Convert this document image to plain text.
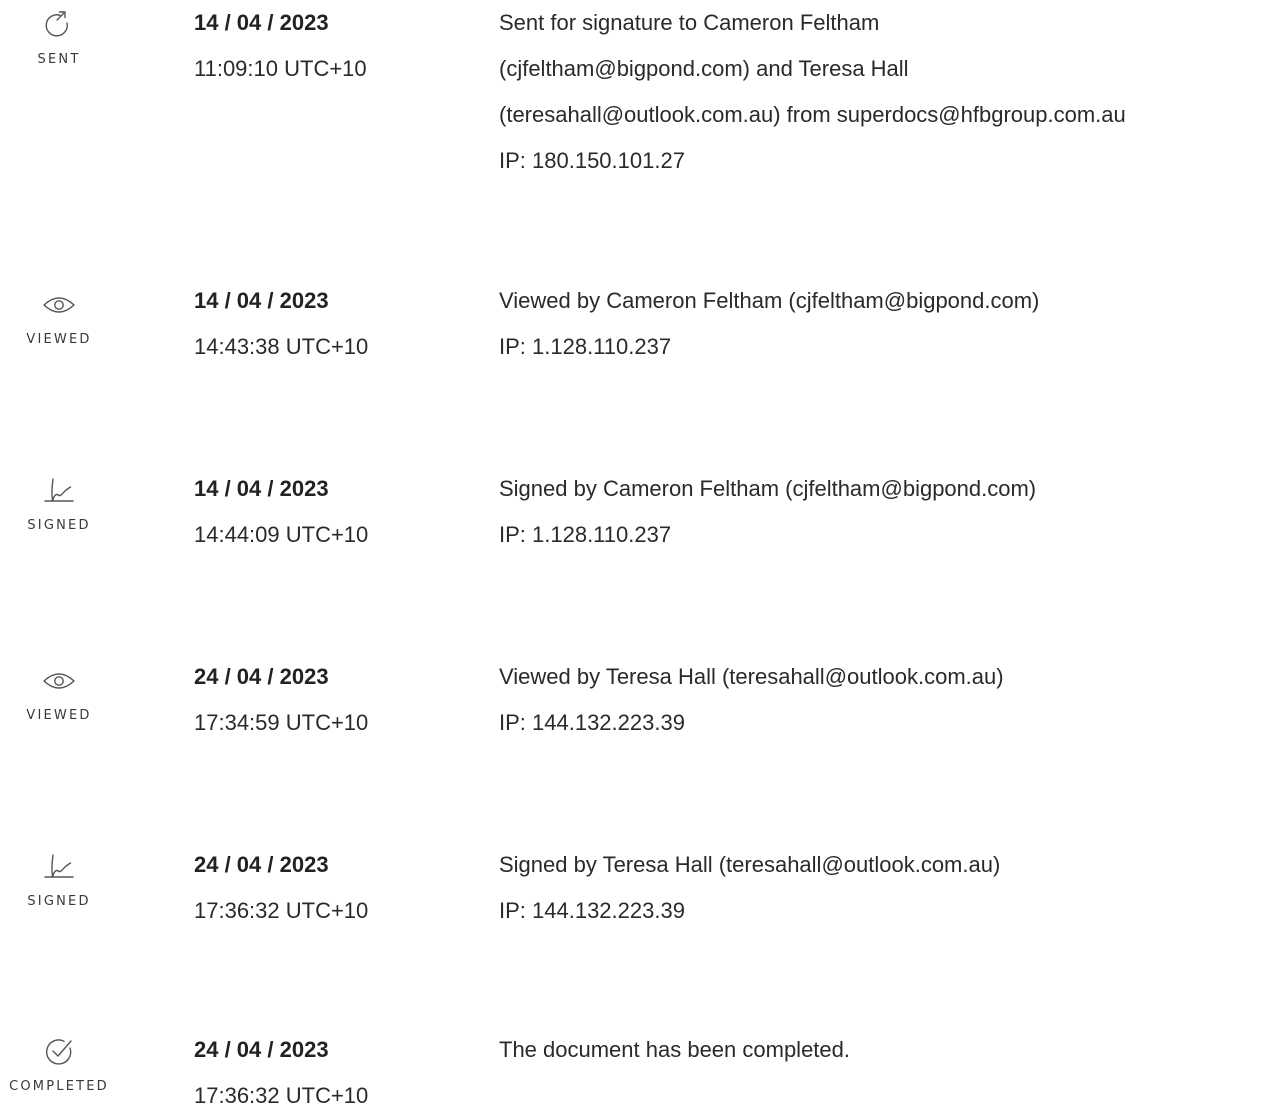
SENT
14 / 04 / 2023
11:09:10 UTC+10
Sent for signature to Cameron Feltham
(cjfeltham@bigpond.com) and Teresa Hall
(teresahall@outlook.com.au) from superdocs@hfbgroup.com.au
IP: 180.150.101.27
VIEWED
14 / 04 / 2023
14:43:38 UTC+10
Viewed by Cameron Feltham (cjfeltham@bigpond.com)
IP: 1.128.110.237
SIGNED
14 / 04 / 2023
14:44:09 UTC+10
Signed by Cameron Feltham (cjfeltham@bigpond.com)
IP: 1.128.110.237
VIEWED
24 / 04 / 2023
17:34:59 UTC+10
Viewed by Teresa Hall (teresahall@outlook.com.au)
IP: 144.132.223.39
SIGNED
24 / 04 / 2023
17:36:32 UTC+10
Signed by Teresa Hall (teresahall@outlook.com.au)
IP: 144.132.223.39
COMPLETED
24 / 04 / 2023
17:36:32 UTC+10
The document has been completed.
